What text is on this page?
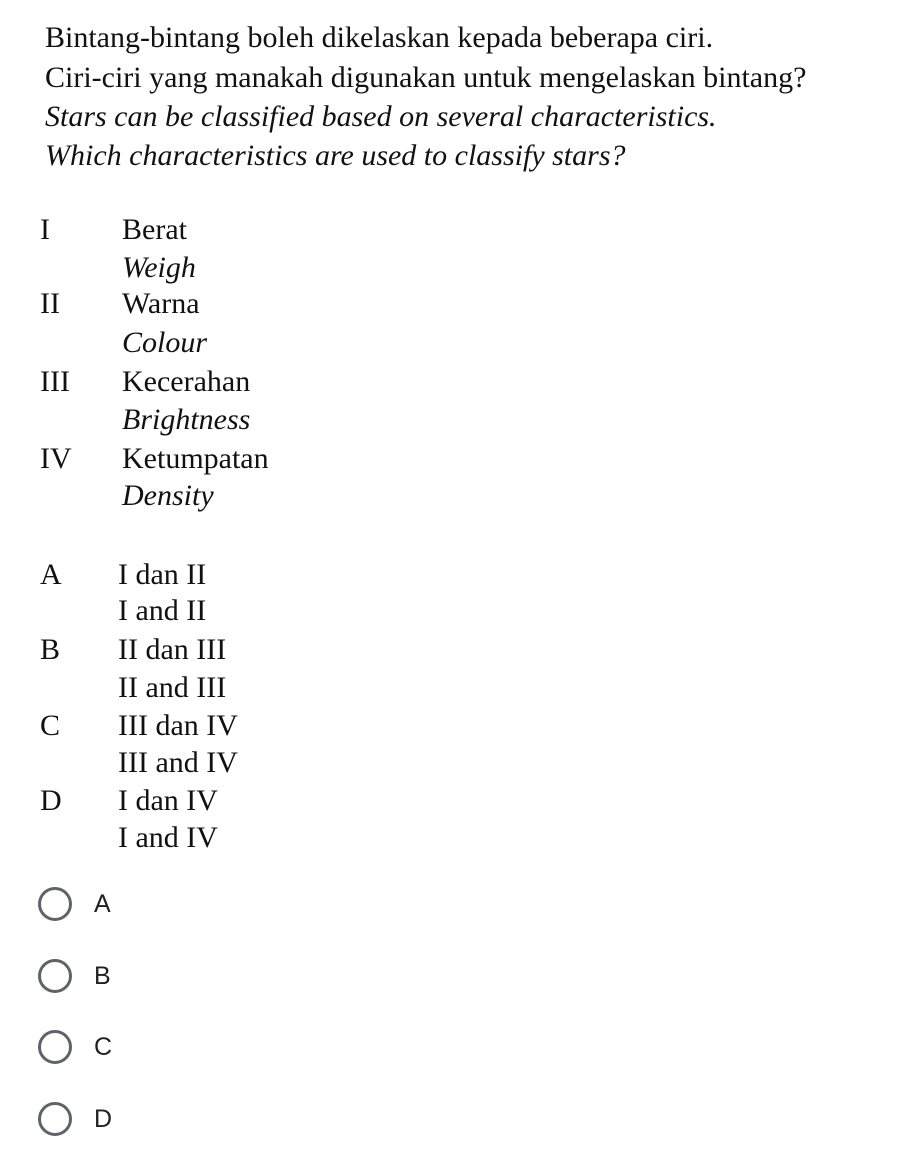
Bintang-bintang boleh dikelaskan kepada beberapa ciri.
Ciri-ciri yang manakah digunakan untuk mengelaskan bintang?
Stars can be classified based on several characteristics.
Which characteristics are used to classify stars?
I Berat
Weigh
II Warna
Colour
III Kecerahan
Brightness
IV Ketumpatan
Density
A I dan II
I and II
B II dan III
II and III
C III dan IV
III and IV
D I dan IV
I and IV
A
B
C
D
